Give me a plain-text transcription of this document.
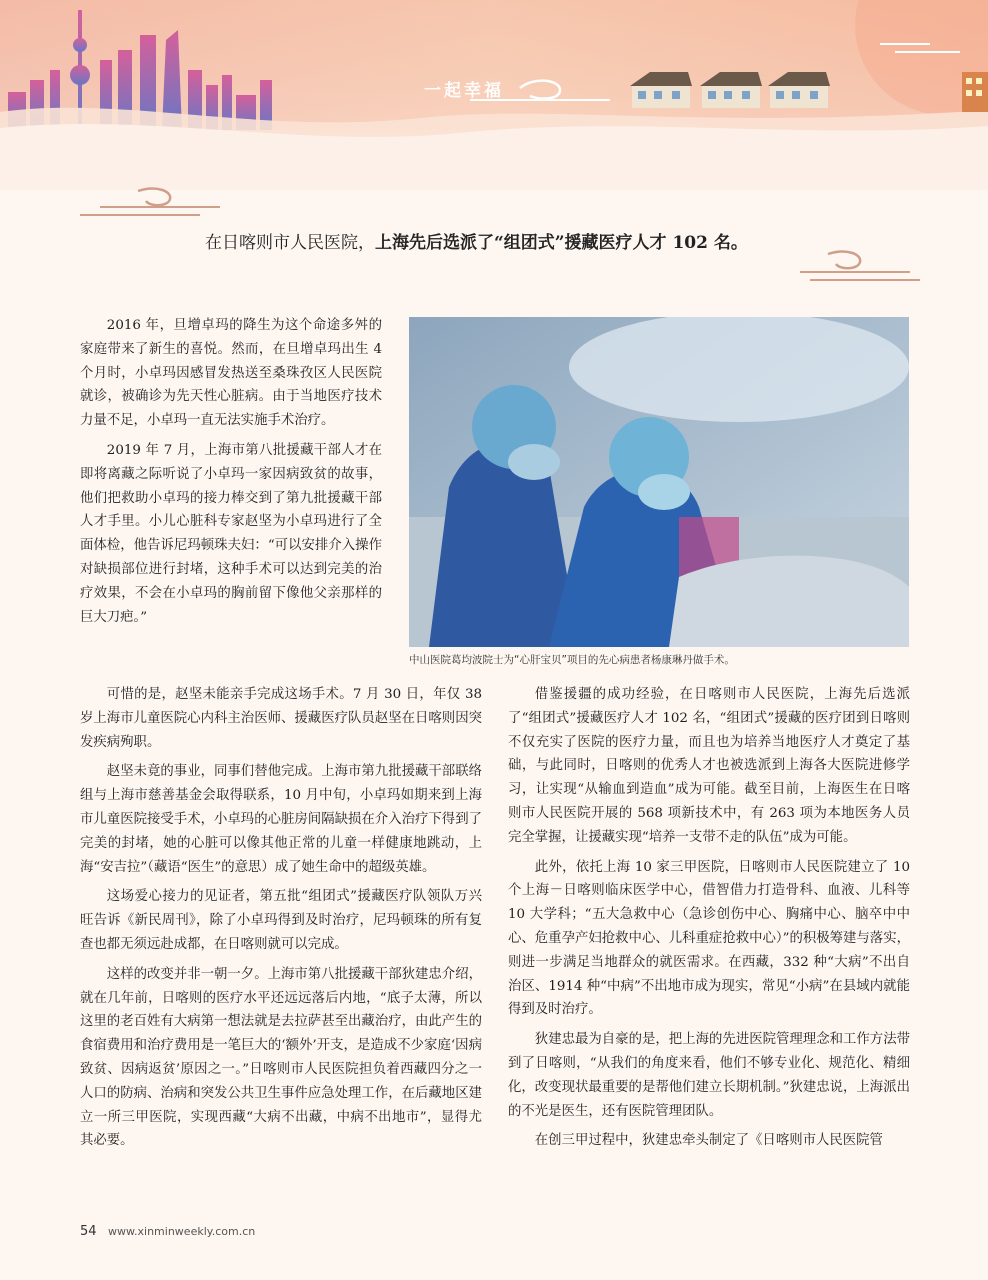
一起幸福
在日喀则市人民医院，上海先后选派了“组团式”援藏医疗人才 102 名。
中山医院葛均波院士为“心肝宝贝”项目的先心病患者杨康琳丹做手术。

2016 年，旦增卓玛的降生为这个命途多舛的家庭带来了新生的喜悦。然而，在旦增卓玛出生 4 个月时，小卓玛因感冒发热送至桑珠孜区人民医院就诊，被确诊为先天性心脏病。由于当地医疗技术力量不足，小卓玛一直无法实施手术治疗。

2019 年 7 月，上海市第八批援藏干部人才在即将离藏之际听说了小卓玛一家因病致贫的故事，他们把救助小卓玛的接力棒交到了第九批援藏干部人才手里。小儿心脏科专家赵坚为小卓玛进行了全面体检，他告诉尼玛顿珠夫妇：“可以安排介入操作对缺损部位进行封堵，这种手术可以达到完美的治疗效果，不会在小卓玛的胸前留下像他父亲那样的巨大刀疤。”

可惜的是，赵坚未能亲手完成这场手术。7 月 30 日，年仅 38 岁上海市儿童医院心内科主治医师、援藏医疗队员赵坚在日喀则因突发疾病殉职。

赵坚未竟的事业，同事们替他完成。上海市第九批援藏干部联络组与上海市慈善基金会取得联系，10 月中旬，小卓玛如期来到上海市儿童医院接受手术，小卓玛的心脏房间隔缺损在介入治疗下得到了完美的封堵，她的心脏可以像其他正常的儿童一样健康地跳动，上海“安吉拉”（藏语“医生”的意思）成了她生命中的超级英雄。

这场爱心接力的见证者，第五批“组团式”援藏医疗队领队万兴旺告诉《新民周刊》，除了小卓玛得到及时治疗，尼玛顿珠的所有复查也都无须远赴成都，在日喀则就可以完成。

这样的改变并非一朝一夕。上海市第八批援藏干部狄建忠介绍，就在几年前，日喀则的医疗水平还远远落后内地，“底子太薄，所以这里的老百姓有大病第一想法就是去拉萨甚至出藏治疗，由此产生的食宿费用和治疗费用是一笔巨大的‘额外’开支，是造成不少家庭‘因病致贫、因病返贫’原因之一。”日喀则市人民医院担负着西藏四分之一人口的防病、治病和突发公共卫生事件应急处理工作，在后藏地区建立一所三甲医院，实现西藏“大病不出藏，中病不出地市”，显得尤其必要。

借鉴援疆的成功经验，在日喀则市人民医院，上海先后选派了“组团式”援藏医疗人才 102 名，“组团式”援藏的医疗团到日喀则不仅充实了医院的医疗力量，而且也为培养当地医疗人才奠定了基础，与此同时，日喀则的优秀人才也被选派到上海各大医院进修学习，让实现“从输血到造血”成为可能。截至目前，上海医生在日喀则市人民医院开展的 568 项新技术中，有 263 项为本地医务人员完全掌握，让援藏实现“培养一支带不走的队伍”成为可能。

此外，依托上海 10 家三甲医院，日喀则市人民医院建立了 10 个上海－日喀则临床医学中心，借智借力打造骨科、血液、儿科等 10 大学科；“五大急救中心（急诊创伤中心、胸痛中心、脑卒中中心、危重孕产妇抢救中心、儿科重症抢救中心）”的积极筹建与落实，则进一步满足当地群众的就医需求。在西藏，332 种“大病”不出自治区、1914 种“中病”不出地市成为现实，常见“小病”在县域内就能得到及时治疗。

狄建忠最为自豪的是，把上海的先进医院管理理念和工作方法带到了日喀则，“从我们的角度来看，他们不够专业化、规范化、精细化，改变现状最重要的是帮他们建立长期机制。”狄建忠说，上海派出的不光是医生，还有医院管理团队。

在创三甲过程中，狄建忠牵头制定了《日喀则市人民医院管

54 www.xinminweekly.com.cn
